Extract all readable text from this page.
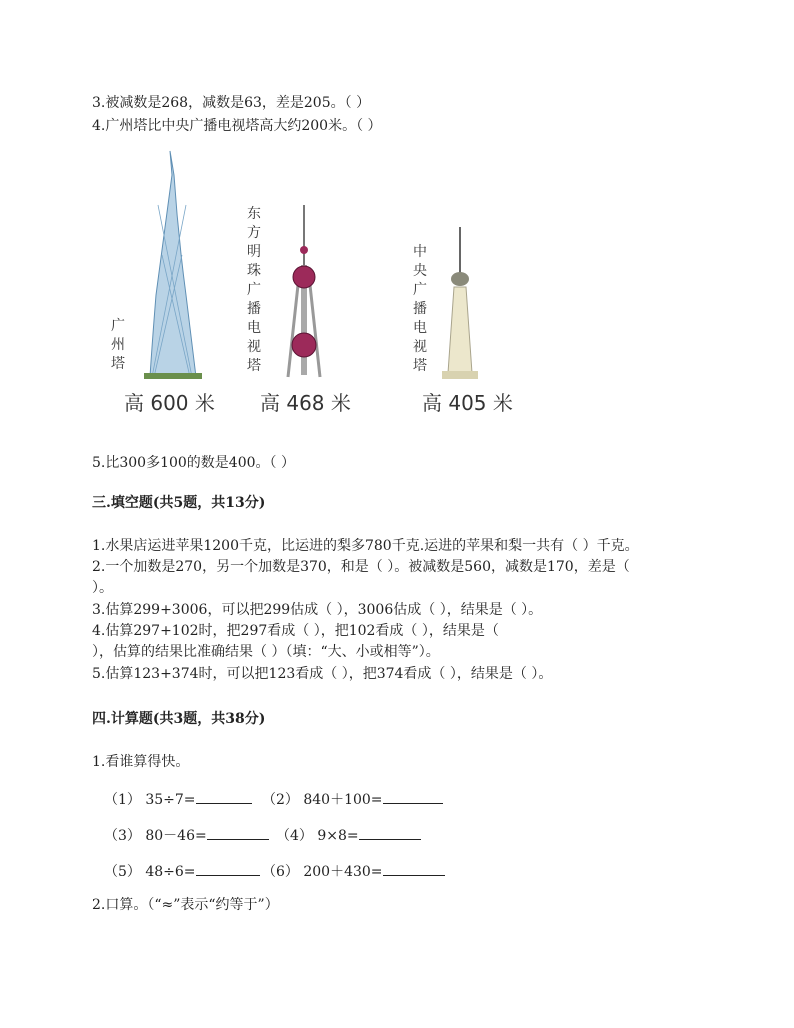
3.被减数是268，减数是63，差是205。（ ）
4.广州塔比中央广播电视塔高大约200米。（ ）
广州塔
东方明珠广播电视塔
中央广播电视塔
高 600 米 高 468 米	高 405 米
5.比300多100的数是400。（ ）
三.填空题(共5题，共13分)
1.水果店运进苹果1200千克，比运进的梨多780千克.运进的苹果和梨一共有（ ）千克。
2.一个加数是270，另一个加数是370，和是（ ）。被减数是560，减数是170，差是（
）。
3.估算299+3006，可以把299估成（ ），3006估成（ ），结果是（ ）。
4.估算297+102时，把297看成（ ），把102看成（ ），结果是（
），估算的结果比准确结果（ ）（填：“大、小或相等”）。
5.估算123+374时，可以把123看成（ ），把374看成（ ），结果是（ ）。
四.计算题(共3题，共38分)
1.看谁算得快。
（1） 35÷7=	（2） 840＋100=
（3） 80－46=	（4） 9×8=
（5） 48÷6=	（6） 200＋430=
2.口算。（“≈”表示“约等于”）
